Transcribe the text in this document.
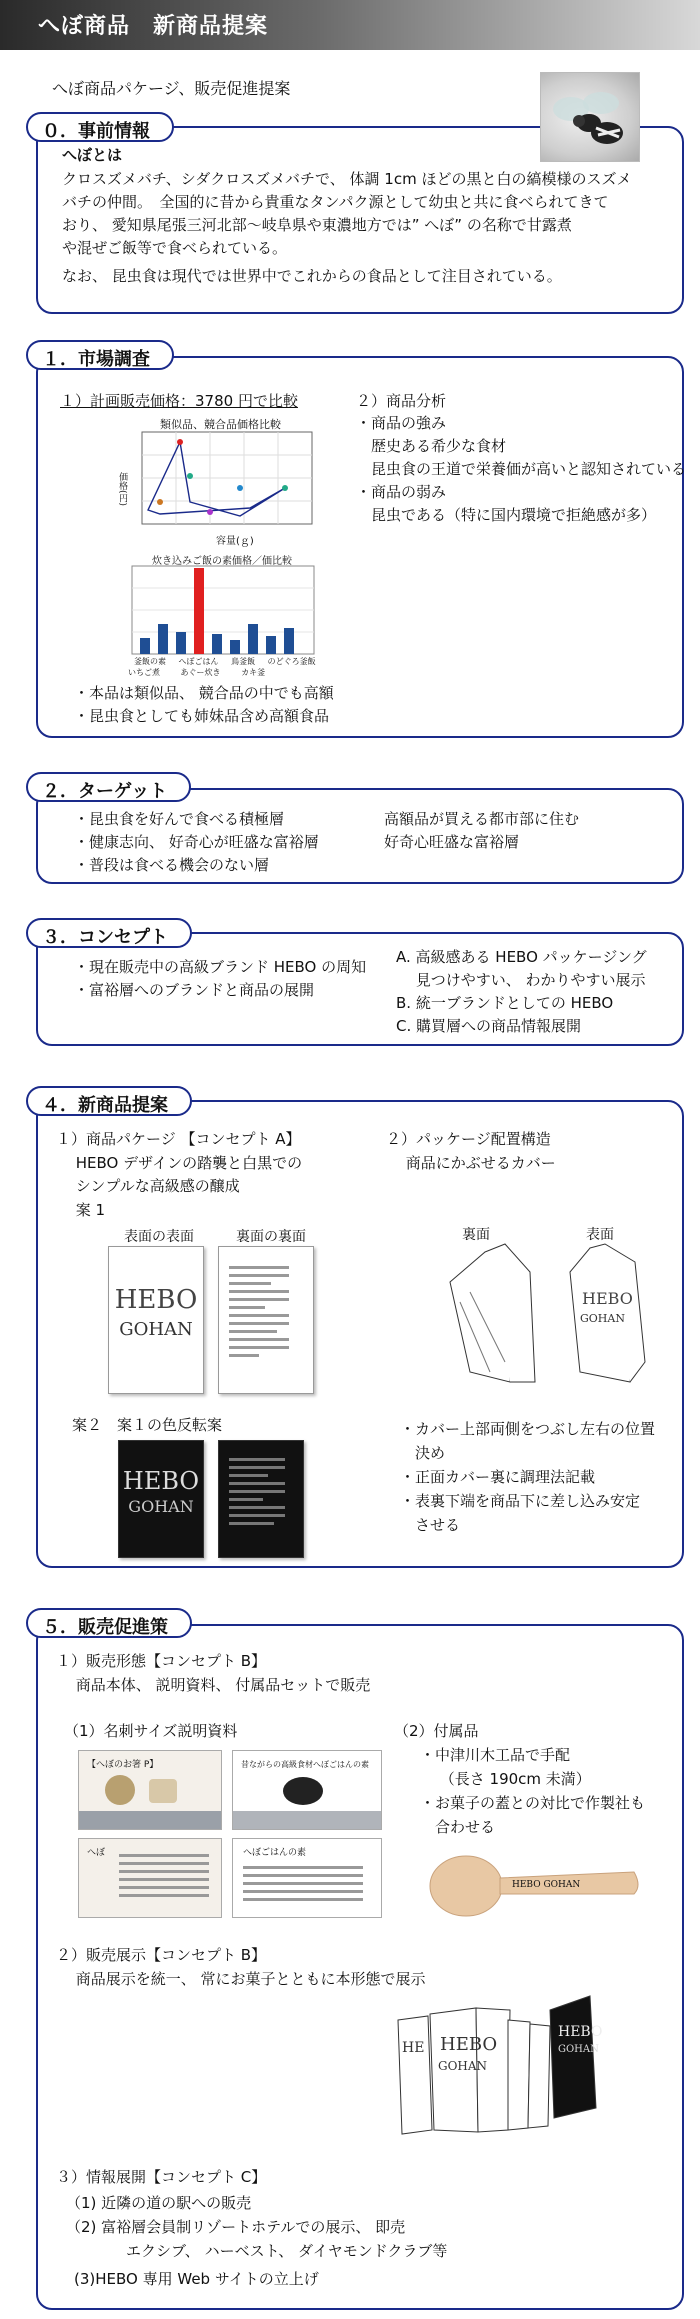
へぼ商品　新商品提案
へぼ商品パケージ、販売促進提案
０．事前情報
へぼとは
クロスズメバチ、シダクロスズメバチで、 体調 1cm ほどの黒と白の縞模様のスズメ
バチの仲間。　全国的に昔から貴重なタンパク源として幼虫と共に食べられてきて
おり、 愛知県尾張三河北部～岐阜県や東濃地方では” へぼ” の名称で甘露煮
や混ぜご飯等で食べられている。
なお、 昆虫食は現代では世界中でこれからの食品として注目されている。
１．市場調査
１）計画販売価格：3780 円で比較
類似品、競合品価格比較
価格(円)
容量(ｇ)
炊き込みご飯の素価格／価比較
釜飯の素 へぼごはん 鳥釜飯 のどぐろ釜飯
いちご煮	あぐー炊き	カキ釜
２）商品分析
・商品の強み
　歴史ある希少な食材
　昆虫食の王道で栄養価が高いと認知されている
・商品の弱み
　昆虫である（特に国内環境で拒絶感が多）
・本品は類似品、 競合品の中でも高額
・昆虫食としても姉妹品含め高額食品
２．ターゲット
・昆虫食を好んで食べる積極層
・健康志向、 好奇心が旺盛な富裕層
・普段は食べる機会のない層
高額品が買える都市部に住む
好奇心旺盛な富裕層
３．コンセプト
・現在販売中の高級ブランド HEBO の周知
・富裕層へのブランドと商品の展開
A. 高級感ある HEBO パッケージング
　 見つけやすい、 わかりやすい展示
B. 統一ブランドとしての HEBO
C. 購買層への商品情報展開
４．新商品提案
１）商品パケージ 【コンセプト A】
　 HEBO デザインの踏襲と白黒での
　 シンプルな高級感の醸成
　 案 1
表面の表面	裏面の裏面
HEBO
GOHAN
案２　案１の色反転案
HEBO
GOHAN
２）パッケージ配置構造
　 商品にかぶせるカバー
裏面	表面
HEBO
GOHAN
・カバー上部両側をつぶし左右の位置
　決め
・正面カバー裏に調理法記載
・表裏下端を商品下に差し込み安定
　させる
５．販売促進策
１）販売形態【コンセプト B】
　 商品本体、 説明資料、 付属品セットで販売
（1）名刺サイズ説明資料
【へぼのお箸 P】	昔ながらの高級食材へぼごはんの素
へぼ	へぼごはんの素
（2）付属品
・中津川木工品で手配
　 （長さ 190cm 未満）
・お菓子の蓋との対比で作製社も
　合わせる
HEBO GOHAN
２）販売展示【コンセプト B】
　 商品展示を統一、 常にお菓子とともに本形態で展示
HEBO
GOHAN
HE
HEBO
GOHAN
３）情報展開【コンセプト C】
（1) 近隣の道の駅への販売
（2) 富裕層会員制リゾートホテルでの展示、 即売
　　　　エクシブ、 ハーベスト、 ダイヤモンドクラブ等
(3)HEBO 専用 Web サイトの立上げ
